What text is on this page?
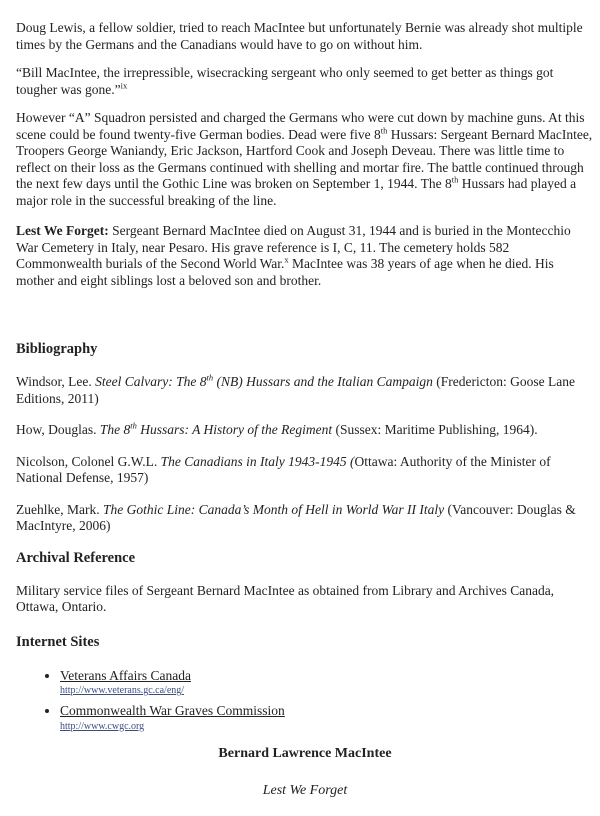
Doug Lewis, a fellow soldier, tried to reach MacIntee but unfortunately Bernie was already shot multiple times by the Germans and the Canadians would have to go on without him.

“Bill MacIntee, the irrepressible, wisecracking sergeant who only seemed to get better as things got tougher was gone.”$^{ix}$

However “A” Squadron persisted and charged the Germans who were cut down by machine guns. At this scene could be found twenty-five German bodies. Dead were five 8th Hussars: Sergeant Bernard MacIntee, Troopers George Waniandy, Eric Jackson, Hartford Cook and Joseph Deveau. There was little time to reflect on their loss as the Germans continued with shelling and mortar fire. The battle continued through the next few days until the Gothic Line was broken on September 1, 1944. The 8th Hussars had played a major role in the successful breaking of the line.

Lest We Forget: Sergeant Bernard MacIntee died on August 31, 1944 and is buried in the Montecchio War Cemetery in Italy, near Pesaro. His grave reference is I, C, 11. The cemetery holds 582 Commonwealth burials of the Second World War.$^x$ MacIntee was 38 years of age when he died. His mother and eight siblings lost a beloved son and brother.

Bibliography

Windsor, Lee. Steel Calvary: The 8th (NB) Hussars and the Italian Campaign (Fredericton: Goose Lane Editions, 2011)

How, Douglas. The 8th Hussars: A History of the Regiment (Sussex: Maritime Publishing, 1964).

Nicolson, Colonel G.W.L. The Canadians in Italy 1943-1945 (Ottawa: Authority of the Minister of National Defense, 1957)

Zuehlke, Mark. The Gothic Line: Canada’s Month of Hell in World War II Italy (Vancouver: Douglas & MacIntyre, 2006)

Archival Reference

Military service files of Sergeant Bernard MacIntee as obtained from Library and Archives Canada, Ottawa, Ontario.

Internet Sites
• Veterans Affairs Canada
http://www.veterans.gc.ca/eng/
• Commonwealth War Graves Commission
http://www.cwgc.org
Bernard Lawrence MacIntee
Lest We Forget
